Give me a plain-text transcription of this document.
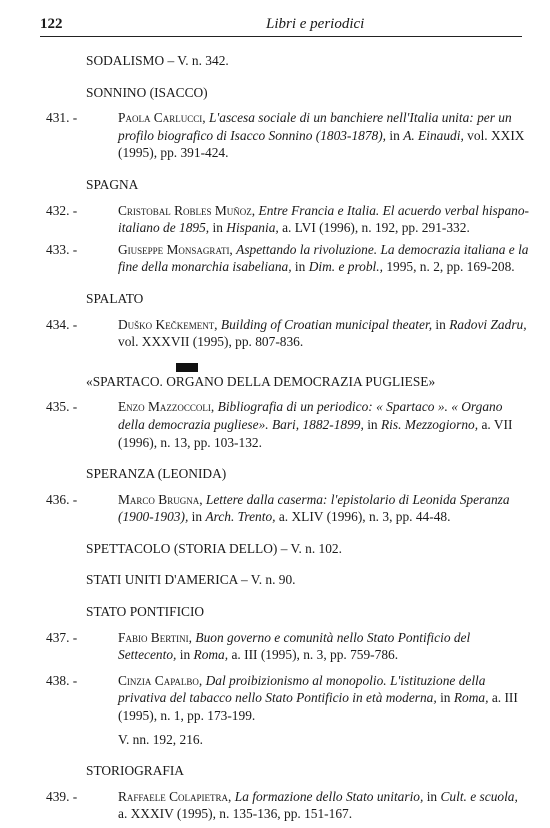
122	Libri e periodici

SODALISMO – V. n. 342.

SONNINO (ISACCO)

431. -	Paola Carlucci, L'ascesa sociale di un banchiere nell'Italia unita: per un profilo biografico di Isacco Sonnino (1803-1878), in A. Einaudi, vol. XXIX (1995), pp. 391-424.

SPAGNA

432. -	Cristobal Robles Muñoz, Entre Francia e Italia. El acuerdo verbal hispano-italiano de 1895, in Hispania, a. LVI (1996), n. 192, pp. 291-332.

433. -	Giuseppe Monsagrati, Aspettando la rivoluzione. La democrazia italiana e la fine della monarchia isabeliana, in Dim. e probl., 1995, n. 2, pp. 169-208.

SPALATO

434. -	Duško Kečkement, Building of Croatian municipal theater, in Radovi Zadru, vol. XXXVII (1995), pp. 807-836.

«SPARTACO. ORGANO DELLA DEMOCRAZIA PUGLIESE»

435. -	Enzo Mazzoccoli, Bibliografia di un periodico: « Spartaco ». « Organo della democrazia pugliese». Bari, 1882-1899, in Ris. Mezzogiorno, a. VII (1996), n. 13, pp. 103-132.

SPERANZA (LEONIDA)

436. -	Marco Brugna, Lettere dalla caserma: l'epistolario di Leonida Speranza (1900-1903), in Arch. Trento, a. XLIV (1996), n. 3, pp. 44-48.

SPETTACOLO (STORIA DELLO) – V. n. 102.

STATI UNITI D'AMERICA – V. n. 90.

STATO PONTIFICIO

437. -	Fabio Bertini, Buon governo e comunità nello Stato Pontificio del Settecento, in Roma, a. III (1995), n. 3, pp. 759-786.

438. -	Cinzia Capalbo, Dal proibizionismo al monopolio. L'istituzione della privativa del tabacco nello Stato Pontificio in età moderna, in Roma, a. III (1995), n. 1, pp. 173-199.
V. nn. 192, 216.

STORIOGRAFIA

439. -	Raffaele Colapietra, La formazione dello Stato unitario, in Cult. e scuola, a. XXXIV (1995), n. 135-136, pp. 151-167.
